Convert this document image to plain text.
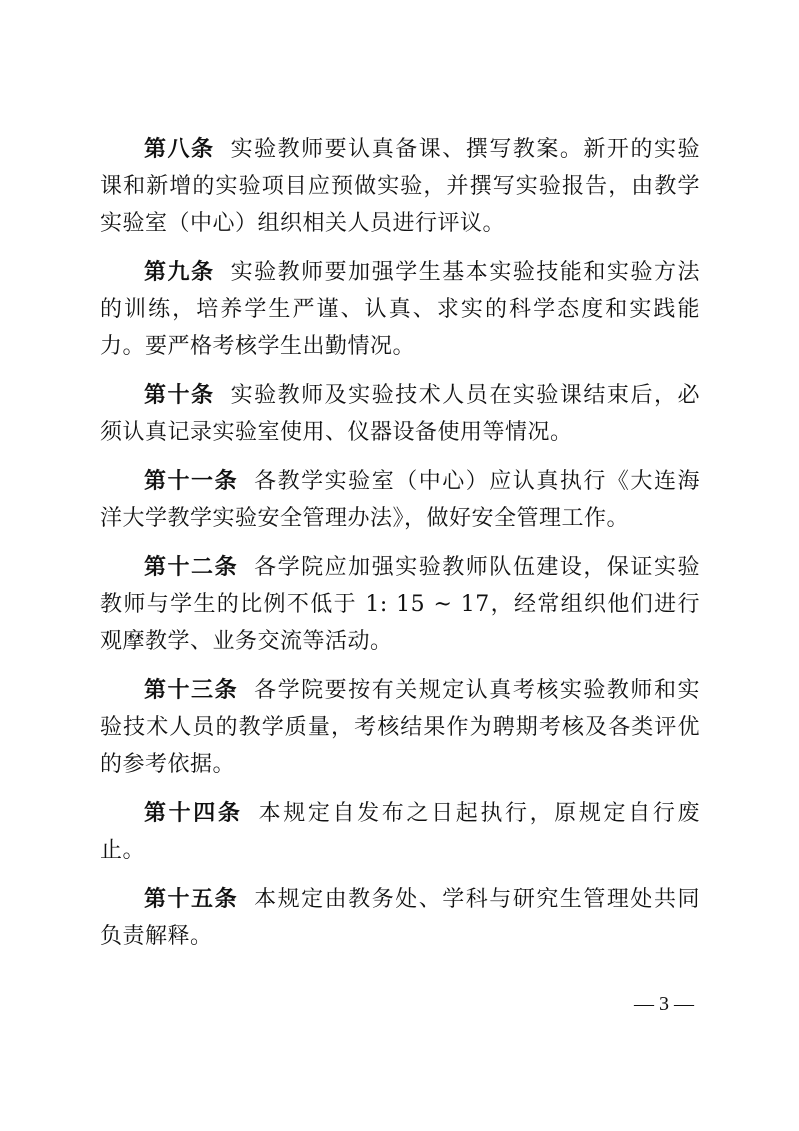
第八条 实验教师要认真备课、撰写教案。新开的实验课和新增的实验项目应预做实验，并撰写实验报告，由教学实验室（中心）组织相关人员进行评议。

第九条 实验教师要加强学生基本实验技能和实验方法的训练，培养学生严谨、认真、求实的科学态度和实践能力。要严格考核学生出勤情况。

第十条 实验教师及实验技术人员在实验课结束后，必须认真记录实验室使用、仪器设备使用等情况。

第十一条 各教学实验室（中心）应认真执行《大连海洋大学教学实验安全管理办法》，做好安全管理工作。

第十二条 各学院应加强实验教师队伍建设，保证实验教师与学生的比例不低于 1: 15 ~ 17，经常组织他们进行观摩教学、业务交流等活动。

第十三条 各学院要按有关规定认真考核实验教师和实验技术人员的教学质量，考核结果作为聘期考核及各类评优的参考依据。

第十四条 本规定自发布之日起执行，原规定自行废止。

第十五条 本规定由教务处、学科与研究生管理处共同负责解释。

— 3 —
